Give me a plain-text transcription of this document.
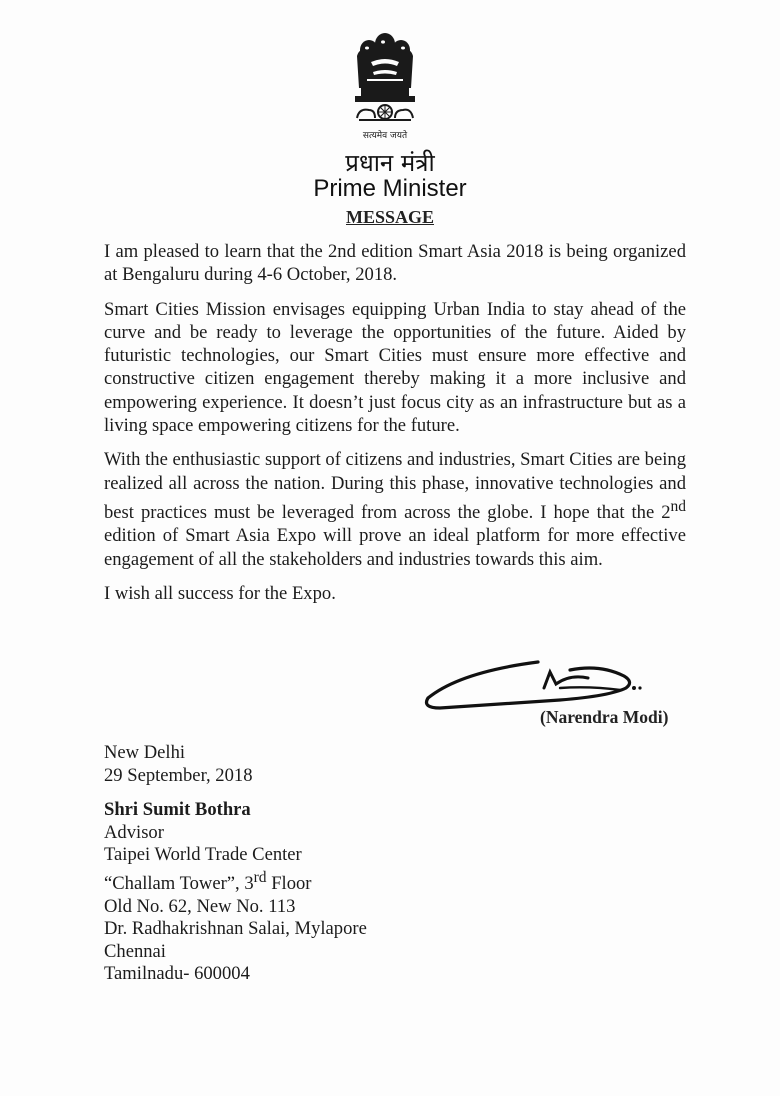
सत्यमेव जयते
प्रधान मंत्री
Prime Minister
MESSAGE

I am pleased to learn that the 2nd edition Smart Asia 2018 is being organized at Bengaluru during 4-6 October, 2018.

Smart Cities Mission envisages equipping Urban India to stay ahead of the curve and be ready to leverage the opportunities of the future. Aided by futuristic technologies, our Smart Cities must ensure more effective and constructive citizen engagement thereby making it a more inclusive and empowering experience. It doesn’t just focus city as an infrastructure but as a living space empowering citizens for the future.

With the enthusiastic support of citizens and industries, Smart Cities are being realized all across the nation. During this phase, innovative technologies and best practices must be leveraged from across the globe. I hope that the 2nd edition of Smart Asia Expo will prove an ideal platform for more effective engagement of all the stakeholders and industries towards this aim.

I wish all success for the Expo.

(Narendra Modi)
New Delhi
29 September, 2018
Shri Sumit Bothra
Advisor
Taipei World Trade Center
“Challam Tower”, 3rd Floor
Old No. 62, New No. 113
Dr. Radhakrishnan Salai, Mylapore
Chennai
Tamilnadu- 600004
